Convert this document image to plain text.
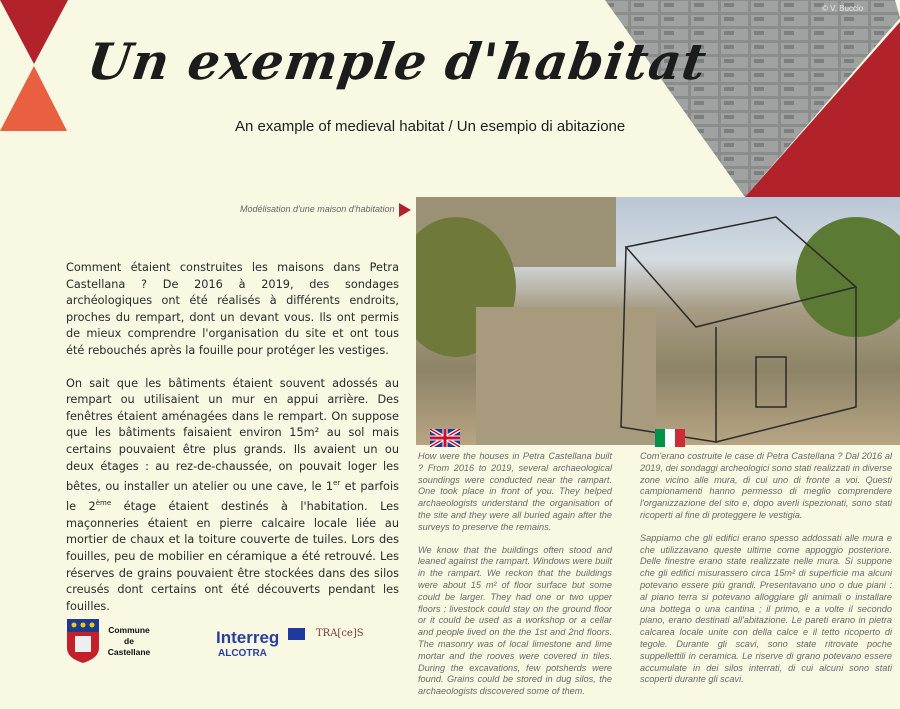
© V. Buccio
Un exemple d'habitat
An example of medieval habitat / Un esempio di abitazione
Modélisation d'une maison d'habitation

Comment étaient construites les maisons dans Petra Castellana ? De 2016 à 2019, des sondages archéologiques ont été réalisés à différents endroits, proches du rempart, dont un devant vous. Ils ont permis de mieux comprendre l'organisation du site et ont tous été rebouchés après la fouille pour protéger les vestiges.

On sait que les bâtiments étaient souvent adossés au rempart ou utilisaient un mur en appui arrière. Des fenêtres étaient aménagées dans le rempart. On suppose que les bâtiments faisaient environ 15m² au sol mais certains pouvaient être plus grands. Ils avaient un ou deux étages : au rez-de-chaussée, on pouvait loger les bêtes, ou installer un atelier ou une cave, le 1er et parfois le 2ème étage étaient destinés à l'habitation. Les maçonneries étaient en pierre calcaire locale liée au mortier de chaux et la toiture couverte de tuiles. Lors des fouilles, peu de mobilier en céramique a été retrouvé. Les réserves de grains pouvaient être stockées dans des silos creusés dont certains ont été découverts pendant les fouilles.

How were the houses in Petra Castellana built ? From 2016 to 2019, several archaeological soundings were conducted near the rampart. One took place in front of you. They helped archaeologists understand the organisation of the site and they were all buried again after the surveys to preserve the remains.

We know that the buildings often stood and leaned against the rampart. Windows were built in the rampart. We reckon that the buildings were about 15 m² of floor surface but some could be larger. They had one or two upper floors : livestock could stay on the ground floor or it could be used as a workshop or a cellar and people lived on the the 1st and 2nd floors. The masonry was of local limestone and lime mortar and the rooves were covered in tiles. During the excavations, few potsherds were found. Grains could be stored in dug silos, the archaeologists discovered some of them.

Com'erano costruite le case di Petra Castellana ? Dal 2016 al 2019, dei sondaggi archeologici sono stati realizzati in diverse zone vicino alle mura, di cui uno di fronte a voi. Questi campionamenti hanno permesso di meglio comprendere l'organizzazione del sito e, dopo averli ispezionati, sono stati ricoperti al fine di proteggere le vestigia.

Sappiamo che gli edifici erano spesso addossati alle mura e che utilizzavano queste ultime come appoggio posteriore. Delle finestre erano state realizzate nelle mura. Si suppone che gli edifici misurassero circa 15m² di superficie ma alcuni potevano essere più grandi. Presentavano uno o due piani : al piano terra si potevano alloggiare gli animali o installare una bottega o una cantina ; il primo, e a volte il secondo piano, erano destinati all'abitazione. Le pareti erano in pietra calcarea locale unite con della calce e il tetto ricoperto di tegole. Durante gli scavi, sono state ritrovate poche suppellettili in ceramica. Le riserve di grano potevano essere accumulate in dei silos interrati, di cui alcuni sono stati scoperti durante gli scavi.

Commune de Castellane
Interreg
ALCOTRA
TRA[ce]S
